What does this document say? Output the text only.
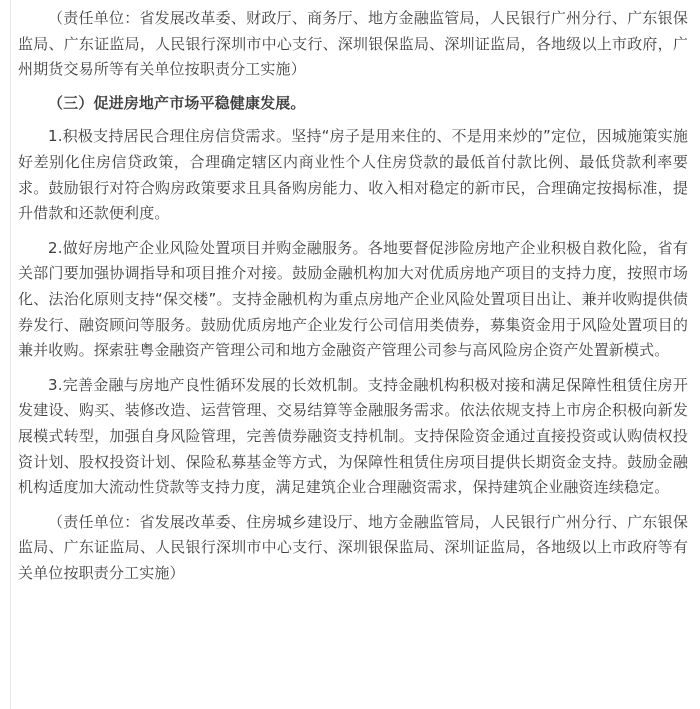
（责任单位：省发展改革委、财政厅、商务厅、地方金融监管局，人民银行广州分行、广东银保监局、广东证监局，人民银行深圳市中心支行、深圳银保监局、深圳证监局，各地级以上市政府，广州期货交易所等有关单位按职责分工实施）

（三）促进房地产市场平稳健康发展。

1.积极支持居民合理住房信贷需求。坚持“房子是用来住的、不是用来炒的”定位，因城施策实施好差别化住房信贷政策，合理确定辖区内商业性个人住房贷款的最低首付款比例、最低贷款利率要求。鼓励银行对符合购房政策要求且具备购房能力、收入相对稳定的新市民，合理确定按揭标准，提升借款和还款便利度。

2.做好房地产企业风险处置项目并购金融服务。各地要督促涉险房地产企业积极自救化险，省有关部门要加强协调指导和项目推介对接。鼓励金融机构加大对优质房地产项目的支持力度，按照市场化、法治化原则支持“保交楼”。支持金融机构为重点房地产企业风险处置项目出让、兼并收购提供债券发行、融资顾问等服务。鼓励优质房地产企业发行公司信用类债券，募集资金用于风险处置项目的兼并收购。探索驻粤金融资产管理公司和地方金融资产管理公司参与高风险房企资产处置新模式。

3.完善金融与房地产良性循环发展的长效机制。支持金融机构积极对接和满足保障性租赁住房开发建设、购买、装修改造、运营管理、交易结算等金融服务需求。依法依规支持上市房企积极向新发展模式转型，加强自身风险管理，完善债券融资支持机制。支持保险资金通过直接投资或认购债权投资计划、股权投资计划、保险私募基金等方式，为保障性租赁住房项目提供长期资金支持。鼓励金融机构适度加大流动性贷款等支持力度，满足建筑企业合理融资需求，保持建筑企业融资连续稳定。

（责任单位：省发展改革委、住房城乡建设厅、地方金融监管局，人民银行广州分行、广东银保监局、广东证监局、人民银行深圳市中心支行、深圳银保监局、深圳证监局，各地级以上市政府等有关单位按职责分工实施）
